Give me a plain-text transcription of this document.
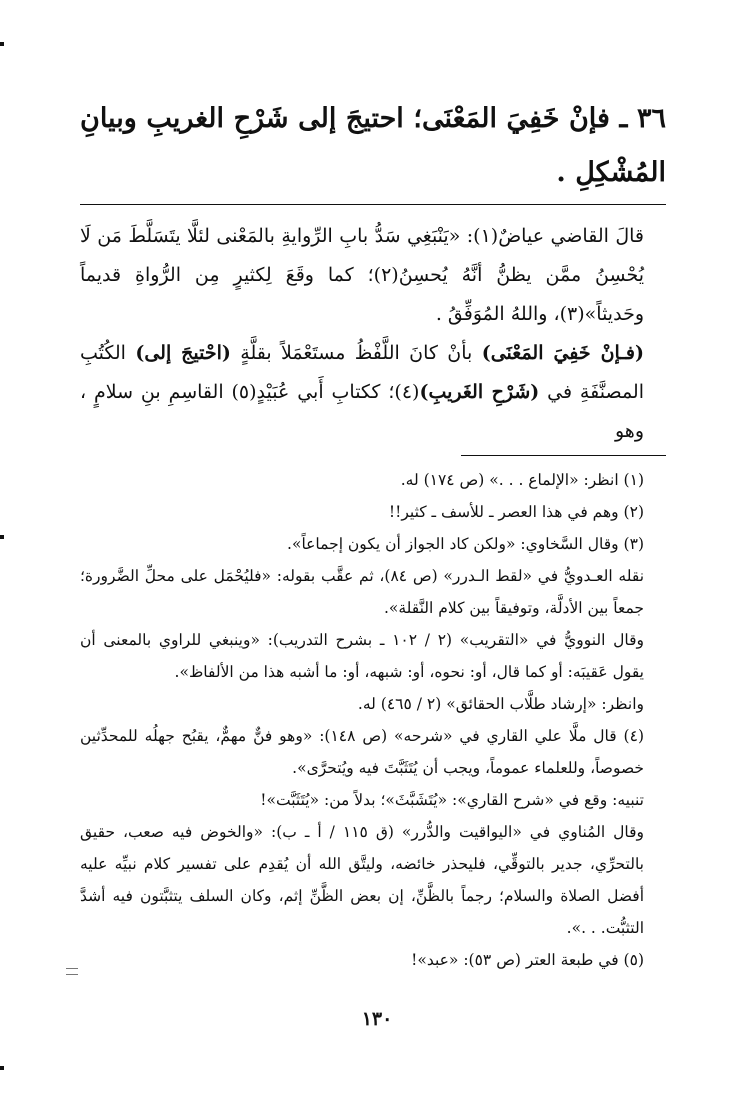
٣٦ ـ فإنْ خَفِيَ المَعْنَى؛ احتيجَ إلى شَرْحِ الغريبِ وبيانِ المُشْكِلِ .

قالَ القاضي عياضٌ(١): «يَنْبَغِي سَدُّ بابِ الرِّوايةِ بالمَعْنى لئلَّا يتَسَلَّطَ مَن لَا يُحْسِنُ ممَّن يظنُّ أنَّهُ يُحسِنُ(٢)؛ كما وقَعَ لِكثيرٍ مِن الرُّواةِ قديماً وحَديثاً»(٣)، واللهُ المُوَفِّقُ .

(فـإنْ خَفِيَ المَعْنَى) بأنْ كانَ اللَّفْظُ مستَعْمَلاً بقلَّةٍ (احْتيجَ إلى) الكُتُبِ المصنَّفَةِ في (شَرْحِ الغَريبِ)(٤)؛ ككتابِ أَبي عُبَيْدٍ(٥) القاسِمِ بنِ سلامٍ ، وهو

(١) انظر: «الإلماع . . .» (ص ١٧٤) له.

(٢) وهم في هذا العصر ـ للأسف ـ كثير!!

(٣) وقال السَّخاوي: «ولكن كاد الجواز أن يكون إجماعاً».

نقله العـدويُّ في «لقط الـدرر» (ص ٨٤)، ثم عقَّب بقوله: «فليُحْمَل على محلِّ الضَّرورة؛ جمعاً بين الأدلَّة، وتوفيقاً بين كلام النَّقلة».

وقال النوويُّ في «التقريب» (٢ / ١٠٢ ـ بشرح التدريب): «وينبغي للراوي بالمعنى أن يقول عَقيبَه: أو كما قال، أو: نحوه، أو: شبهه، أو: ما أشبه هذا من الألفاظ».

وانظر: «إرشاد طلَّاب الحقائق» (٢ / ٤٦٥) له.

(٤) قال ملَّا علي القاري في «شرحه» (ص ١٤٨): «وهو فنٌّ مهمٌّ، يقبُح جهلُه للمحدِّثين خصوصاً، وللعلماء عموماً، ويجب أن يُتَثَبَّتَ فيه ويُتحرَّى».

تنبيه: وقع في «شرح القاري»: «يُتَشَبَّثَ»؛ بدلاً من: «يُتَثَبَّت»!

وقال المُناوي في «اليواقيت والدُّرر» (ق ١١٥ / أ ـ ب): «والخوض فيه صعب، حقيق بالتحرِّي، جدير بالتوقِّي، فليحذر خائضه، وليتَّق الله أن يُقدِم على تفسير كلام نبيِّه عليه أفضل الصلاة والسلام؛ رجماً بالظَّنِّ، إن بعض الظَّنِّ إثم، وكان السلف يتثبَّتون فيه أشدَّ التثبُّت. . .».

(٥) في طبعة العتر (ص ٥٣): «عبد»!

١٣٠
